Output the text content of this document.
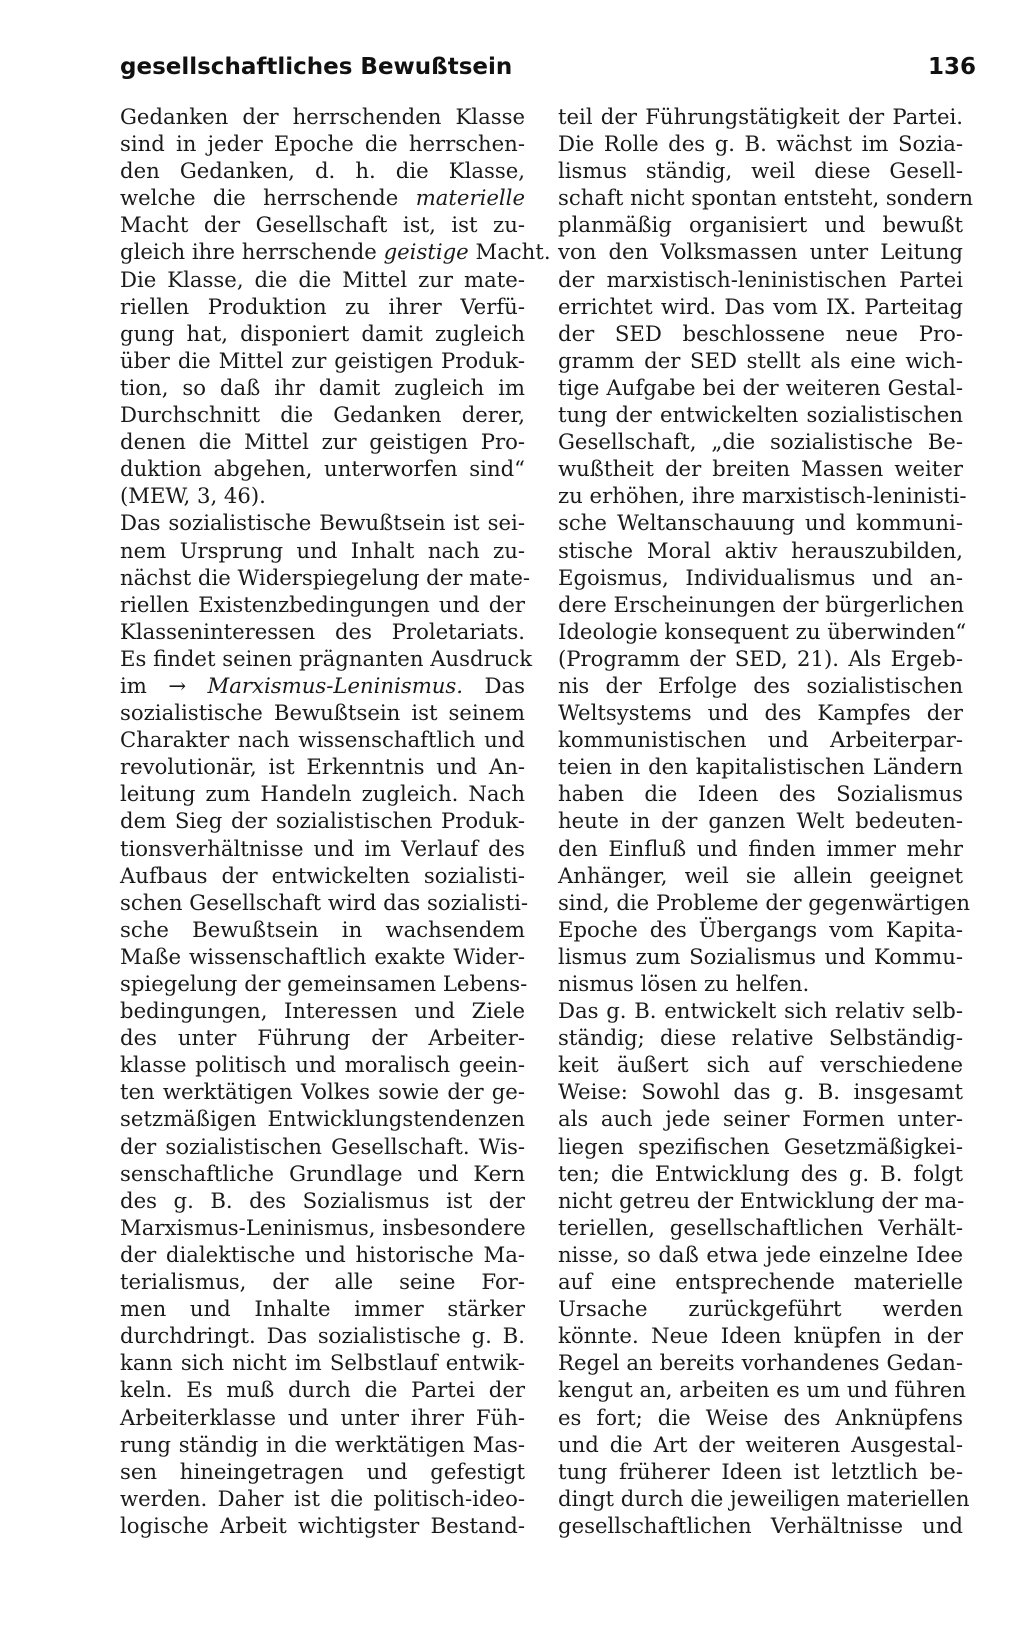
gesellschaftliches Bewußtsein	136
Gedanken der herrschenden Klasse
sind in jeder Epoche die herrschen-
den Gedanken, d. h. die Klasse,
welche die herrschende materielle
Macht der Gesellschaft ist, ist zu-
gleich ihre herrschende geistige Macht.
Die Klasse, die die Mittel zur mate-
riellen Produktion zu ihrer Verfü-
gung hat, disponiert damit zugleich
über die Mittel zur geistigen Produk-
tion, so daß ihr damit zugleich im
Durchschnitt die Gedanken derer,
denen die Mittel zur geistigen Pro-
duktion abgehen, unterworfen sind“
(MEW, 3, 46).
Das sozialistische Bewußtsein ist sei-
nem Ursprung und Inhalt nach zu-
nächst die Widerspiegelung der mate-
riellen Existenzbedingungen und der
Klasseninteressen des Proletariats.
Es findet seinen prägnanten Ausdruck
im → Marxismus-Leninismus. Das
sozialistische Bewußtsein ist seinem
Charakter nach wissenschaftlich und
revolutionär, ist Erkenntnis und An-
leitung zum Handeln zugleich. Nach
dem Sieg der sozialistischen Produk-
tionsverhältnisse und im Verlauf des
Aufbaus der entwickelten sozialisti-
schen Gesellschaft wird das sozialisti-
sche Bewußtsein in wachsendem
Maße wissenschaftlich exakte Wider-
spiegelung der gemeinsamen Lebens-
bedingungen, Interessen und Ziele
des unter Führung der Arbeiter-
klasse politisch und moralisch geein-
ten werktätigen Volkes sowie der ge-
setzmäßigen Entwicklungstendenzen
der sozialistischen Gesellschaft. Wis-
senschaftliche Grundlage und Kern
des g. B. des Sozialismus ist der
Marxismus-Leninismus, insbesondere
der dialektische und historische Ma-
terialismus, der alle seine For-
men und Inhalte immer stärker
durchdringt. Das sozialistische g. B.
kann sich nicht im Selbstlauf entwik-
keln. Es muß durch die Partei der
Arbeiterklasse und unter ihrer Füh-
rung ständig in die werktätigen Mas-
sen hineingetragen und gefestigt
werden. Daher ist die politisch-ideo-
logische Arbeit wichtigster Bestand-
teil der Führungstätigkeit der Partei.
Die Rolle des g. B. wächst im Sozia-
lismus ständig, weil diese Gesell-
schaft nicht spontan entsteht, sondern
planmäßig organisiert und bewußt
von den Volksmassen unter Leitung
der marxistisch-leninistischen Partei
errichtet wird. Das vom IX. Parteitag
der SED beschlossene neue Pro-
gramm der SED stellt als eine wich-
tige Aufgabe bei der weiteren Gestal-
tung der entwickelten sozialistischen
Gesellschaft, „die sozialistische Be-
wußtheit der breiten Massen weiter
zu erhöhen, ihre marxistisch-leninisti-
sche Weltanschauung und kommuni-
stische Moral aktiv herauszubilden,
Egoismus, Individualismus und an-
dere Erscheinungen der bürgerlichen
Ideologie konsequent zu überwinden“
(Programm der SED, 21). Als Ergeb-
nis der Erfolge des sozialistischen
Weltsystems und des Kampfes der
kommunistischen und Arbeiterpar-
teien in den kapitalistischen Ländern
haben die Ideen des Sozialismus
heute in der ganzen Welt bedeuten-
den Einfluß und finden immer mehr
Anhänger, weil sie allein geeignet
sind, die Probleme der gegenwärtigen
Epoche des Übergangs vom Kapita-
lismus zum Sozialismus und Kommu-
nismus lösen zu helfen.
Das g. B. entwickelt sich relativ selb-
ständig; diese relative Selbständig-
keit äußert sich auf verschiedene
Weise: Sowohl das g. B. insgesamt
als auch jede seiner Formen unter-
liegen spezifischen Gesetzmäßigkei-
ten; die Entwicklung des g. B. folgt
nicht getreu der Entwicklung der ma-
teriellen, gesellschaftlichen Verhält-
nisse, so daß etwa jede einzelne Idee
auf eine entsprechende materielle
Ursache zurückgeführt werden
könnte. Neue Ideen knüpfen in der
Regel an bereits vorhandenes Gedan-
kengut an, arbeiten es um und führen
es fort; die Weise des Anknüpfens
und die Art der weiteren Ausgestal-
tung früherer Ideen ist letztlich be-
dingt durch die jeweiligen materiellen
gesellschaftlichen Verhältnisse und
